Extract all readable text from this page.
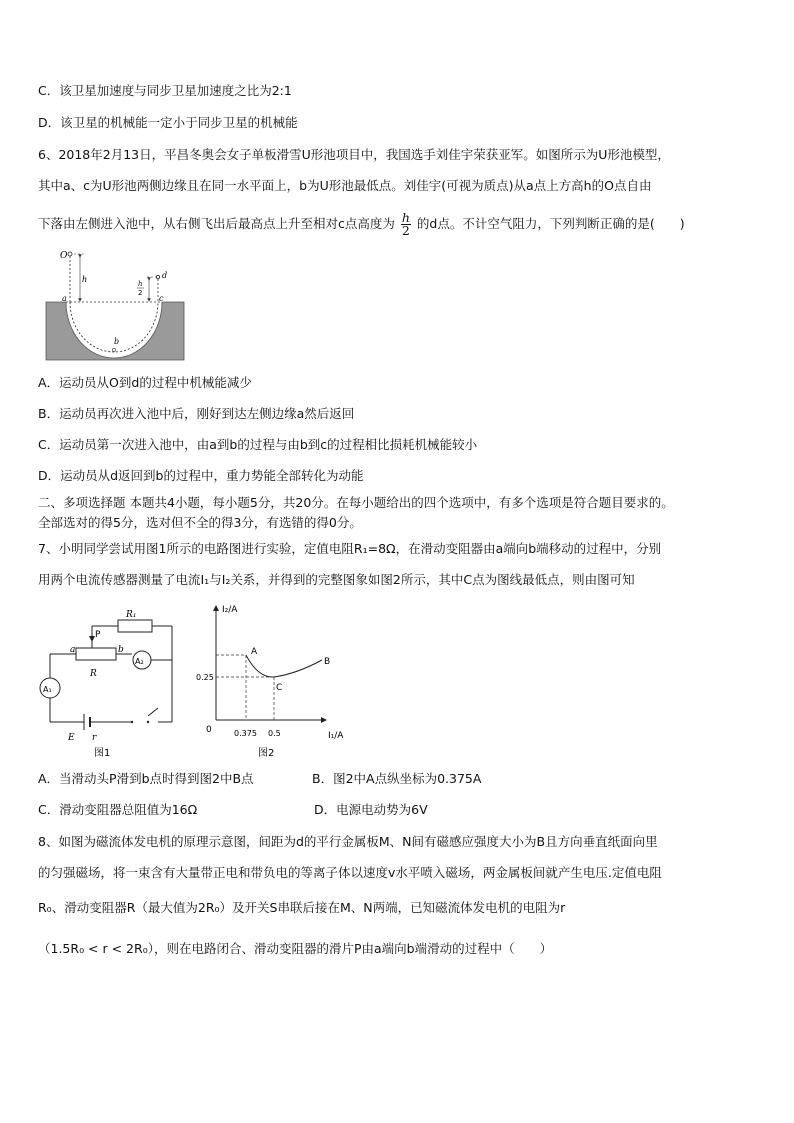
C．该卫星加速度与同步卫星加速度之比为2:1
D．该卫星的机械能一定小于同步卫星的机械能
6、2018年2月13日，平昌冬奥会女子单板滑雪U形池项目中，我国选手刘佳宇荣获亚军。如图所示为U形池模型，
其中a、c为U形池两侧边缘且在同一水平面上，b为U形池最低点。刘佳宇(可视为质点)从a点上方高h的O点自由
下落由左侧进入池中，从右侧飞出后最高点上升至相对c点高度为 $\frac{h}{2}$ 的d点。不计空气阻力，下列判断正确的是(　　)
O
h
a	c
d
h
2
b
A．运动员从O到d的过程中机械能减少
B．运动员再次进入池中后，刚好到达左侧边缘a然后返回
C．运动员第一次进入池中，由a到b的过程与由b到c的过程相比损耗机械能较小
D．运动员从d返回到b的过程中，重力势能全部转化为动能
二、多项选择题 本题共4小题，每小题5分，共20分。在每小题给出的四个选项中，有多个选项是符合题目要求的。
全部选对的得5分，选对但不全的得3分，有选错的得0分。
7、小明同学尝试用图1所示的电路图进行实验，定值电阻R₁=8Ω，在滑动变阻器由a端向b端移动的过程中，分别
用两个电流传感器测量了电流I₁与I₂关系，并得到的完整图象如图2所示，其中C点为图线最低点，则由图可知
R₁
P
a	b
R
A₁
A₂
E r
图1
I₂/A
I₁/A
0
0.25
0.375 0.5
A
B
C
图2
A．当滑动头P滑到b点时得到图2中B点	B．图2中A点纵坐标为0.375A
C．滑动变阻器总阻值为16Ω	D．电源电动势为6V
8、如图为磁流体发电机的原理示意图，间距为d的平行金属板M、N间有磁感应强度大小为B且方向垂直纸面向里
的匀强磁场，将一束含有大量带正电和带负电的等离子体以速度v水平喷入磁场，两金属板间就产生电压.定值电阻
R₀、滑动变阻器R（最大值为2R₀）及开关S串联后接在M、N两端，已知磁流体发电机的电阻为r
（1.5R₀ < r < 2R₀），则在电路闭合、滑动变阻器的滑片P由a端向b端滑动的过程中（　　）
